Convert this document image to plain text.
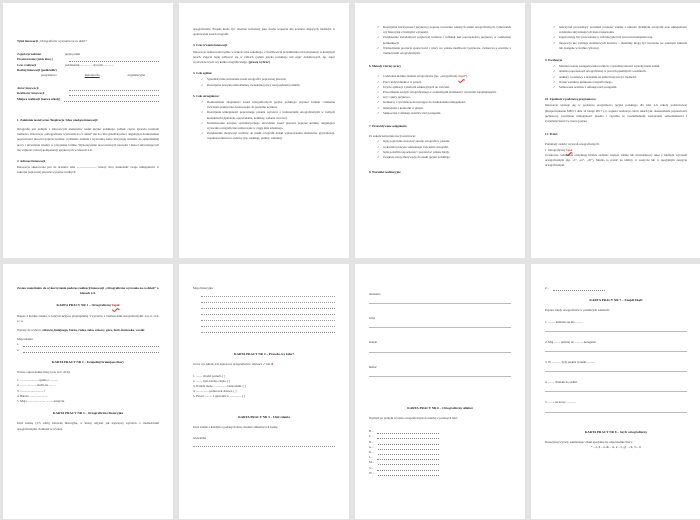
Tytuł innowacji „Ortograficzne wyzwania na co dzień”
Zajęcia/przedmiot	język polski
Przeznaczenie (jakie klasy)
Czas realizacji	październik ............. – styczeń .............
Rodzaj innowacji (podkreślić)
programowa	metodyczna	organizacyjna
Autor innowacji
Realizator innowacji
Miejsce realizacji (nazwa szkoły)
1. Założenia teoretyczne /Inspiracja / idea wiodąca innowacji/
Ortografia jest jednym z kluczowych elementów nauki języka polskiego, jednak często sprawia uczniom trudności. Innowacja „Ortograficzne wyzwania na co dzień” ma na celu systematyczne i angażujące doskonalenie poprawności pisowni poprzez krótkie, codzienne zadania i wyzwania, które motywują uczniów do samodzielnej pracy i utrwalania wiedzy w przyjaznej formie. Wykorzystanie nowoczesnych narzędzi i metod aktywizujących ma wspierać rozwój kompetencji językowych w klasach 4-6.
2. Adresaci innowacji
Innowacja skierowana jest do uczniów klas ........................., którzy chcą doskonalić swoje umiejętności w zakresie poprawnej pisowni wyrazów trudnych
ortograficznie. Projekt może być również wdrożony jako forma wsparcia dla uczniów mających trudności w opanowaniu zasad ortografii.
3. Czas trwania innowacji
Innowacja realizowana będzie w trakcie roku szkolnego, z możliwością przedłużenia lub kontynuacji w kolejnych latach. Zajęcia będą odbywać się w ramach godzin języka polskiego lub zajęć dodatkowych, np. zajęć wyrównawczych czy kółka ortograficznego. (proszę wybrać)
4. Cele ogólne:
✓ Systematyczne utrwalanie zasad ortografii i poprawnej pisowni.
✓ Rozwijanie nawyku samodzielnej, świadomej pracy nad językiem polskim.
5. Cele szczegółowe:
✓ Doskonalenie znajomości zasad ortograficznych języka polskiego poprzez krótkie codzienne ćwiczenia praktyczne dostosowane do poziomu uczniów.
✓ Rozwijanie umiejętności poprawnego pisania wyrazów z trudnościami ortograficznymi w różnych kontekstach (dyktanda, opowiadania, komiksy, zadania twórcze).
✓ Kształtowanie nawyku systematycznego utrwalania zasad pisowni poprzez krótkie, angażujące wyzwania ortograficzne realizowane w ciągu dnia szkolnego.
✓ Zwiększenie motywacji uczniów do nauki ortografii dzięki wykorzystaniu elementów grywalizacji, współzawodnictwa i zabawy (np. rankingi, punkty, odznaki).
✓ Rozwijanie kreatywności językowej poprzez tworzenie własnych zadań ortograficznych, rymowanek czy historyjek z trudnymi wyrazami.
✓ Zwiększenie świadomości językowej uczniów i refleksji nad poprawnością językową w codziennej komunikacji.
✓ Wzmacnianie poczucia sprawczości i wiary we własne możliwości językowe, zwłaszcza u uczniów z trudnościami ortograficznymi.
6. Metody i formy pracy
✓ Codzienne krótkie zadania ortograficzne (np. „ortograficzny fapal”).
✓ Praca indywidualna i w parach.
✓ Użycie aplikacji i platform edukacyjnych do ćwiczeń.
✓ Prowadzenie zeszytu ortograficznego z codziennymi notatkami i wyrazami zapamiętanymi.
✓ Gry i quizy językowe.
✓ Konkursy i rywalizacja motywująca do doskonalenia umiejętności.
✓ Omówienia i kontrolki w grupie.
✓ Samoocena i refleksja uczniów nad postępami.
7. Przewidywane osiągnięcia
Po zakończeniu innowacji uczniowie:
✓ będą poprawnie stosować zasady ortografii w pisaniu,
✓ wykształcą nawyk codziennego ćwiczenia ortografii,
✓ będą potrafili rozpoznawać i poprawiać własne błędy,
✓ zwiększą swoją motywację do nauki języka polskiego.
8. Warunki realizacyjne
✓ nauczyciel prowadzący powinien posiadać wiedzę z zakresu dydaktyki ortografii oraz umiejętności wdrażania aktywizujących metod nauczania,
✓ zajęcia mogą być prowadzone w sali lekcyjnej lub pracowni komputerowej,
✓ innowacja nie wymaga dodatkowych kosztów – materiały mogą być tworzone we własnym zakresie lub dostępne w formie cyfrowej.
9. Ewaluacja
✓ Monitorowanie zaangażowania uczniów i systematyczności wykonywania zadań.
✓ Analiza poprawności ortograficznej w pracach pisemnych i zadaniach.
✓ Ankiety i rozmowy z uczniami na temat motywacji i trudności.
✓ Ocena wyników konkursu ortograficznego.
✓ Samoocena uczniów i refleksja nad postępami.
10. Zgodność z podstawą programową
Innowacja wpisuje się w podstawę programową języka polskiego dla klas 4-6 szkoły podstawowej (Rozporządzenie MEN z dnia 14 lutego 2017 r.) i wspiera realizację celów takich jak: doskonalenie poprawności językowej, rozwijanie umiejętności pisania i czytania ze zrozumieniem, kształcenie samodzielności i systematyczności w nauce języka.
11. Treści
Przykłady zadań i wyzwań ortograficznych:
1. Ortograficzny fapal
Uczniowie codziennie otrzymują krótkie zadanie: napisać zdanie lub dwuzdaniowy tekst z trudnym wyrazem ortograficznym (np. „ó”, „rz”, „ch”). Można to zrobić na tablicy, w zeszycie lub w specjalnym zeszycie ortograficznym.
Zestaw materiałów do wykorzystania podczas realizacji innowacji „Ortograficzne wyzwania na co dzień” w klasach 4-6.
KARTA PRACY NR 1 – Ortograficzny fapal
Napisz 2 krótkie zdania, w których użyjesz przynajmniej 3 wyrazów z trudnościami ortograficznymi: ó/u, h, rz/ż, ó / u.
Wyrazy do wyboru: zdrowie, hulajnoga, burza, rzeka, żaba, różowy, góra, herb, huśtawka, wrotki
Moje zdania:
1.
2.
KARTA PRACY NR 2 – Uzupełnij brakujące litery
Wstaw odpowiednie litery (ó/u, rz/ż, ch/h):
1. ....................... spadła z ...........
2. ........ ....... .... siedla na ..... ...
3. .............................. !
4. Babcia ........ ..............
5. Moja ....................... ..........zeszycie.
KARTA PRACY NR 3 – Ortograficzna historyjka
Ułóż krótką (3-5 zdań) zabawną historyjkę, w której użyjesz jak najwięcej wyrazów z trudnościami ortograficznymi. Podkreśl te wyrazy.
Moja historyjka:
KARTA PRACY NR 4 – Prawda czy fałsz?
Oceń, czy zdanie jest poprawne ortograficznie. Zaznacz ✔ lub ✘
1. ........ chodzi pomoli. [ ]
2. ........ była bardzo ciepła. [ ]
3. Wróbla może ................. beztroskim. [ ]
4. ................ podarował drzewa. [ ]
5. Paweł .......... z głowami w ............... [ ]
KARTA PRACY NR 5 – Ułóż zdania
Ułóż zdanie z każdym z podanych słów, możesz zmieniać ich formę.
wiewiórka
marzenia
żółty
ksiądz
huśtać
KARTA PRACY NR 6 – Ortograficzny alfabet
Wymyśl po jednym wyrazie ortograficznym do każdej z podanych liter:
B –
C –
D –
G –
K –
L –
M –
S –
W –
Z –
KARTA PRACY NR 7 – Znajdź błąd!
Popraw błędy ortograficzne w poniższych zdaniach:
1. ......... kabludu się mu ..........
2. Mój ........ później do ........... kolegami.
3. W ............ były piękne rysunki ..........
4. ........ chiałam do szafki.
5. ........ na nowy ............
KARTA PRACY NR 8 – Szyfr ortograficzny
Rozszyfruj wyrazy, zamieniając znaki specjalne na odpowiednie litery:
* – ó, $ – u, & – rz, # – ż, @ – ch, % – h
